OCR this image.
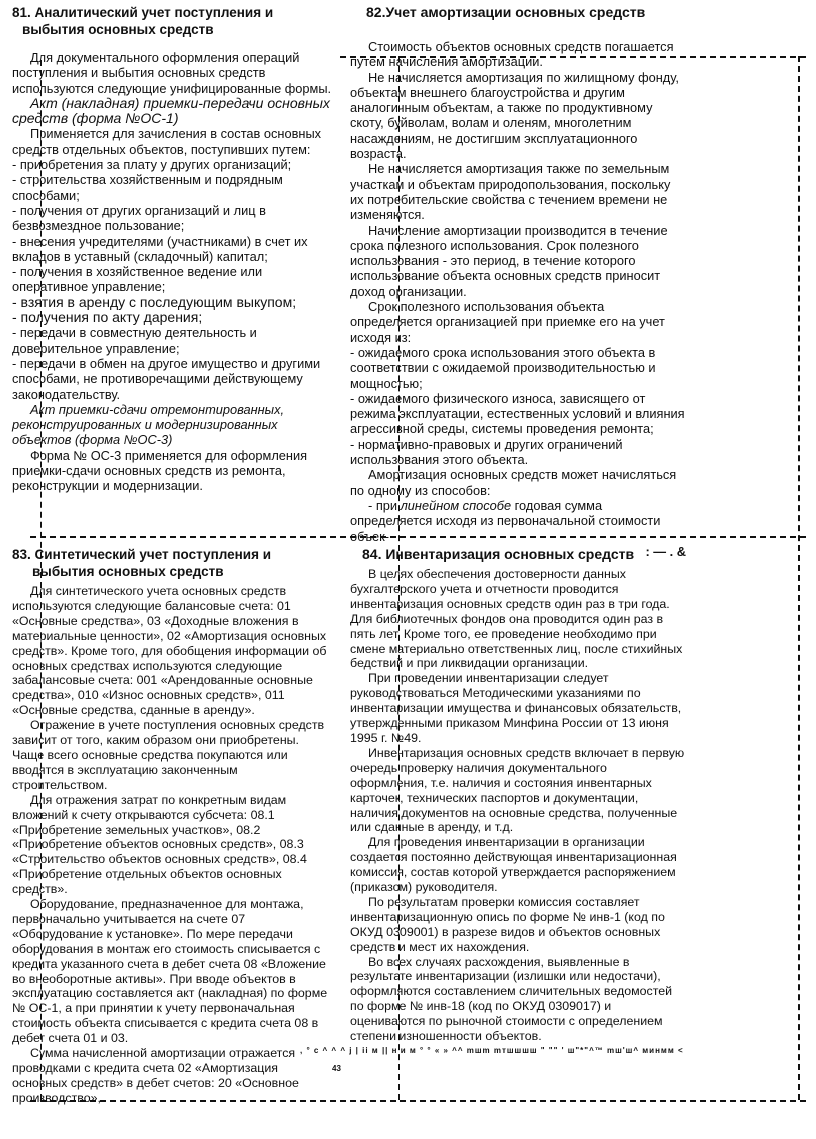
81. Аналитический учет поступления и выбытия основных средств

Для документального оформления операций поступления и выбытия основных средств используются следующие унифицированные формы.

Акт (накладная) приемки-передачи основных средств (форма №ОС-1)

Применяется для зачисления в состав основных средств отдельных объектов, поступивших путем:

- приобретения за плату у других организаций;

- строительства хозяйственным и подрядным способами;

- получения от других организаций и лиц в безвозмездное пользование;

- внесения учредителями (участниками) в счет их вкладов в уставный (складочный) капитал;

- получения в хозяйственное ведение или оперативное управление;

- взятия в аренду с последующим выкупом;

- получения по акту дарения;

- передачи в совместную деятельность и доверительное управление;

- передачи в обмен на другое имущество и другими способами, не противоречащими действующему законодательству.

Акт приемки-сдачи отремонтированных, реконструированных и модернизированных объектов (форма №ОС-3)

Форма № ОС-3 применяется для оформления приемки-сдачи основных средств из ремонта, реконструкции и модернизации.

82.Учет амортизации основных средств

Стоимость объектов основных средств погашается путем начисления амортизации.

Не начисляется амортизация по жилищному фонду, объектам внешнего благоустройства и другим аналогичным объектам, а также по продуктивному скоту, буйволам, волам и оленям, многолетним насаждениям, не достигшим эксплуатационного возраста.

Не начисляется амортизация также по земельным участкам и объектам природопользования, поскольку их потребительские свойства с течением времени не изменяются.

Начисление амортизации производится в течение срока полезного использования. Срок полезного использования - это период, в течение которого использование объекта основных средств приносит доход организации.

Срок полезного использования объекта определяется организацией при приемке его на учет исходя из:

- ожидаемого срока использования этого объекта в соответствии с ожидаемой производительностью и мощностью;

- ожидаемого физического износа, зависящего от режима эксплуатации, естественных условий и влияния агрессивной среды, системы проведения ремонта;

- нормативно-правовых и других ограничений использования этого объекта.

Амортизация основных средств может начисляться по одному из способов:

- при линейном способе годовая сумма определяется исходя из первоначальной стоимости объек-

: — . &

83. Синтетический учет поступления и выбытия основных средств

Для синтетического учета основных средств используются следующие балансовые счета: 01 «Основные средства», 03 «Доходные вложения в материальные ценности», 02 «Амортизация основных средств». Кроме того, для обобщения информации об основных средствах используются следующие забалансовые счета: 001 «Арендованные основные средства», 010 «Износ основных средств», 011 «Основные средства, сданные в аренду».

Отражение в учете поступления основных средств зависит от того, каким образом они приобретены. Чаще всего основные средства покупаются или вводятся в эксплуатацию законченным строительством.

Для отражения затрат по конкретным видам вложений к счету открываются субсчета: 08.1 «Приобретение земельных участков», 08.2 «Приобретение объектов основных средств», 08.3 «Строительство объектов основных средств», 08.4 «Приобретение отдельных объектов основных средств».

Оборудование, предназначенное для монтажа, первоначально учитывается на счете 07 «Оборудование к установке». По мере передачи оборудования в монтаж его стоимость списывается с кредита указанного счета в дебет счета 08 «Вложение во внеоборотные активы». При вводе объектов в эксплуатацию составляется акт (накладная) по форме № ОС-1, а при принятии к учету первоначальная стоимость объекта списывается с кредита счета 08 в дебет счета 01 и 03.

Сумма начисленной амортизации отражается проводками с кредита счета 02 «Амортизация основных средств» в дебет счетов: 20 «Основное производство»,

84. Инвентаризация основных средств

В целях обеспечения достоверности данных бухгалтерского учета и отчетности проводится инвентаризация основных средств один раз в три года. Для библиотечных фондов она проводится один раз в пять лет. Кроме того, ее проведение необходимо при смене материально ответственных лиц, после стихийных бедствий и при ликвидации организации.

При проведении инвентаризации следует руководствоваться Методическими указаниями по инвентаризации имущества и финансовых обязательств, утвержденными приказом Минфина России от 13 июня 1995 г. №49.

Инвентаризация основных средств включает в первую очередь проверку наличия документального оформления, т.е. наличия и состояния инвентарных карточек, технических паспортов и документации, наличия документов на основные средства, полученные или сданные в аренду, и т.д.

Для проведения инвентаризации в организации создается постоянно действующая инвентаризационная комиссия, состав которой утверждается распоряжением (приказом) руководителя.

По результатам проверки комиссия составляет инвентаризационную опись по форме № инв-1 (код по ОКУД 0309001) в разрезе видов и объектов основных средств и мест их нахождения.

Во всех случаях расхождения, выявленные в результате инвентаризации (излишки или недостачи), оформляются составлением сличительных ведомостей по форме № инв-18 (код по ОКУД 0309017) и оцениваются по рыночной стоимости с определением степени изношенности объектов.

, ° c ^ ^ ^ j | ii м || н и м ° ° « » ^^ mшm mтшшшш " "" ' ш"*"^™ mш'ш^ минмм <
43
